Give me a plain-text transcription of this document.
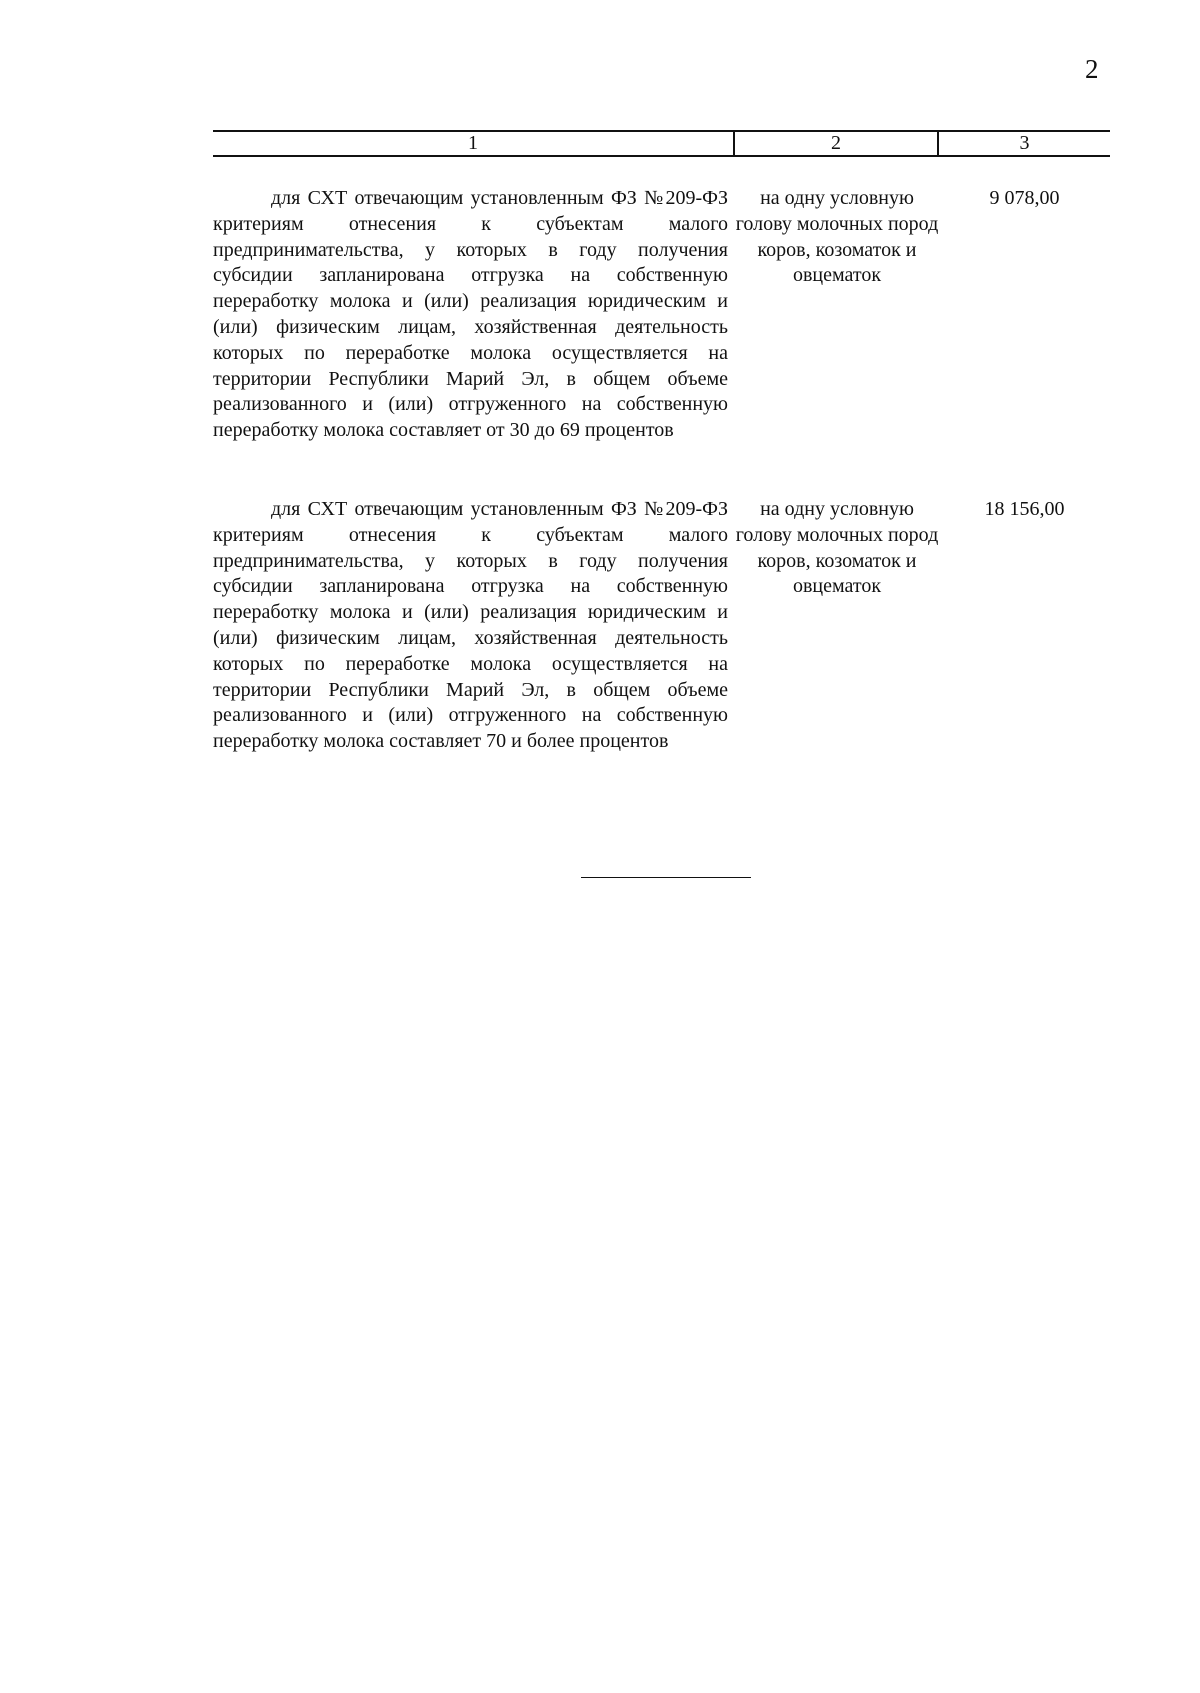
2
1	2	3
для СХТ отвечающим установленным ФЗ №209-ФЗ критериям отнесения к субъектам малого предпринимательства, у которых в году получения субсидии запланирована отгрузка на собственную переработку молока и (или) реализация юридическим и (или) физическим лицам, хозяйственная деятельность которых по переработке молока осуществляется на территории Республики Марий Эл, в общем объеме реализованного и (или) отгруженного на собственную переработку молока составляет от 30 до 69 процентов
на одну условную голову молочных пород коров, козоматок и овцематок
9 078,00
для СХТ отвечающим установленным ФЗ №209-ФЗ критериям отнесения к субъектам малого предпринимательства, у которых в году получения субсидии запланирована отгрузка на собственную переработку молока и (или) реализация юридическим и (или) физическим лицам, хозяйственная деятельность которых по переработке молока осуществляется на территории Республики Марий Эл, в общем объеме реализованного и (или) отгруженного на собственную переработку молока составляет 70 и более процентов
на одну условную голову молочных пород коров, козоматок и овцематок
18 156,00
